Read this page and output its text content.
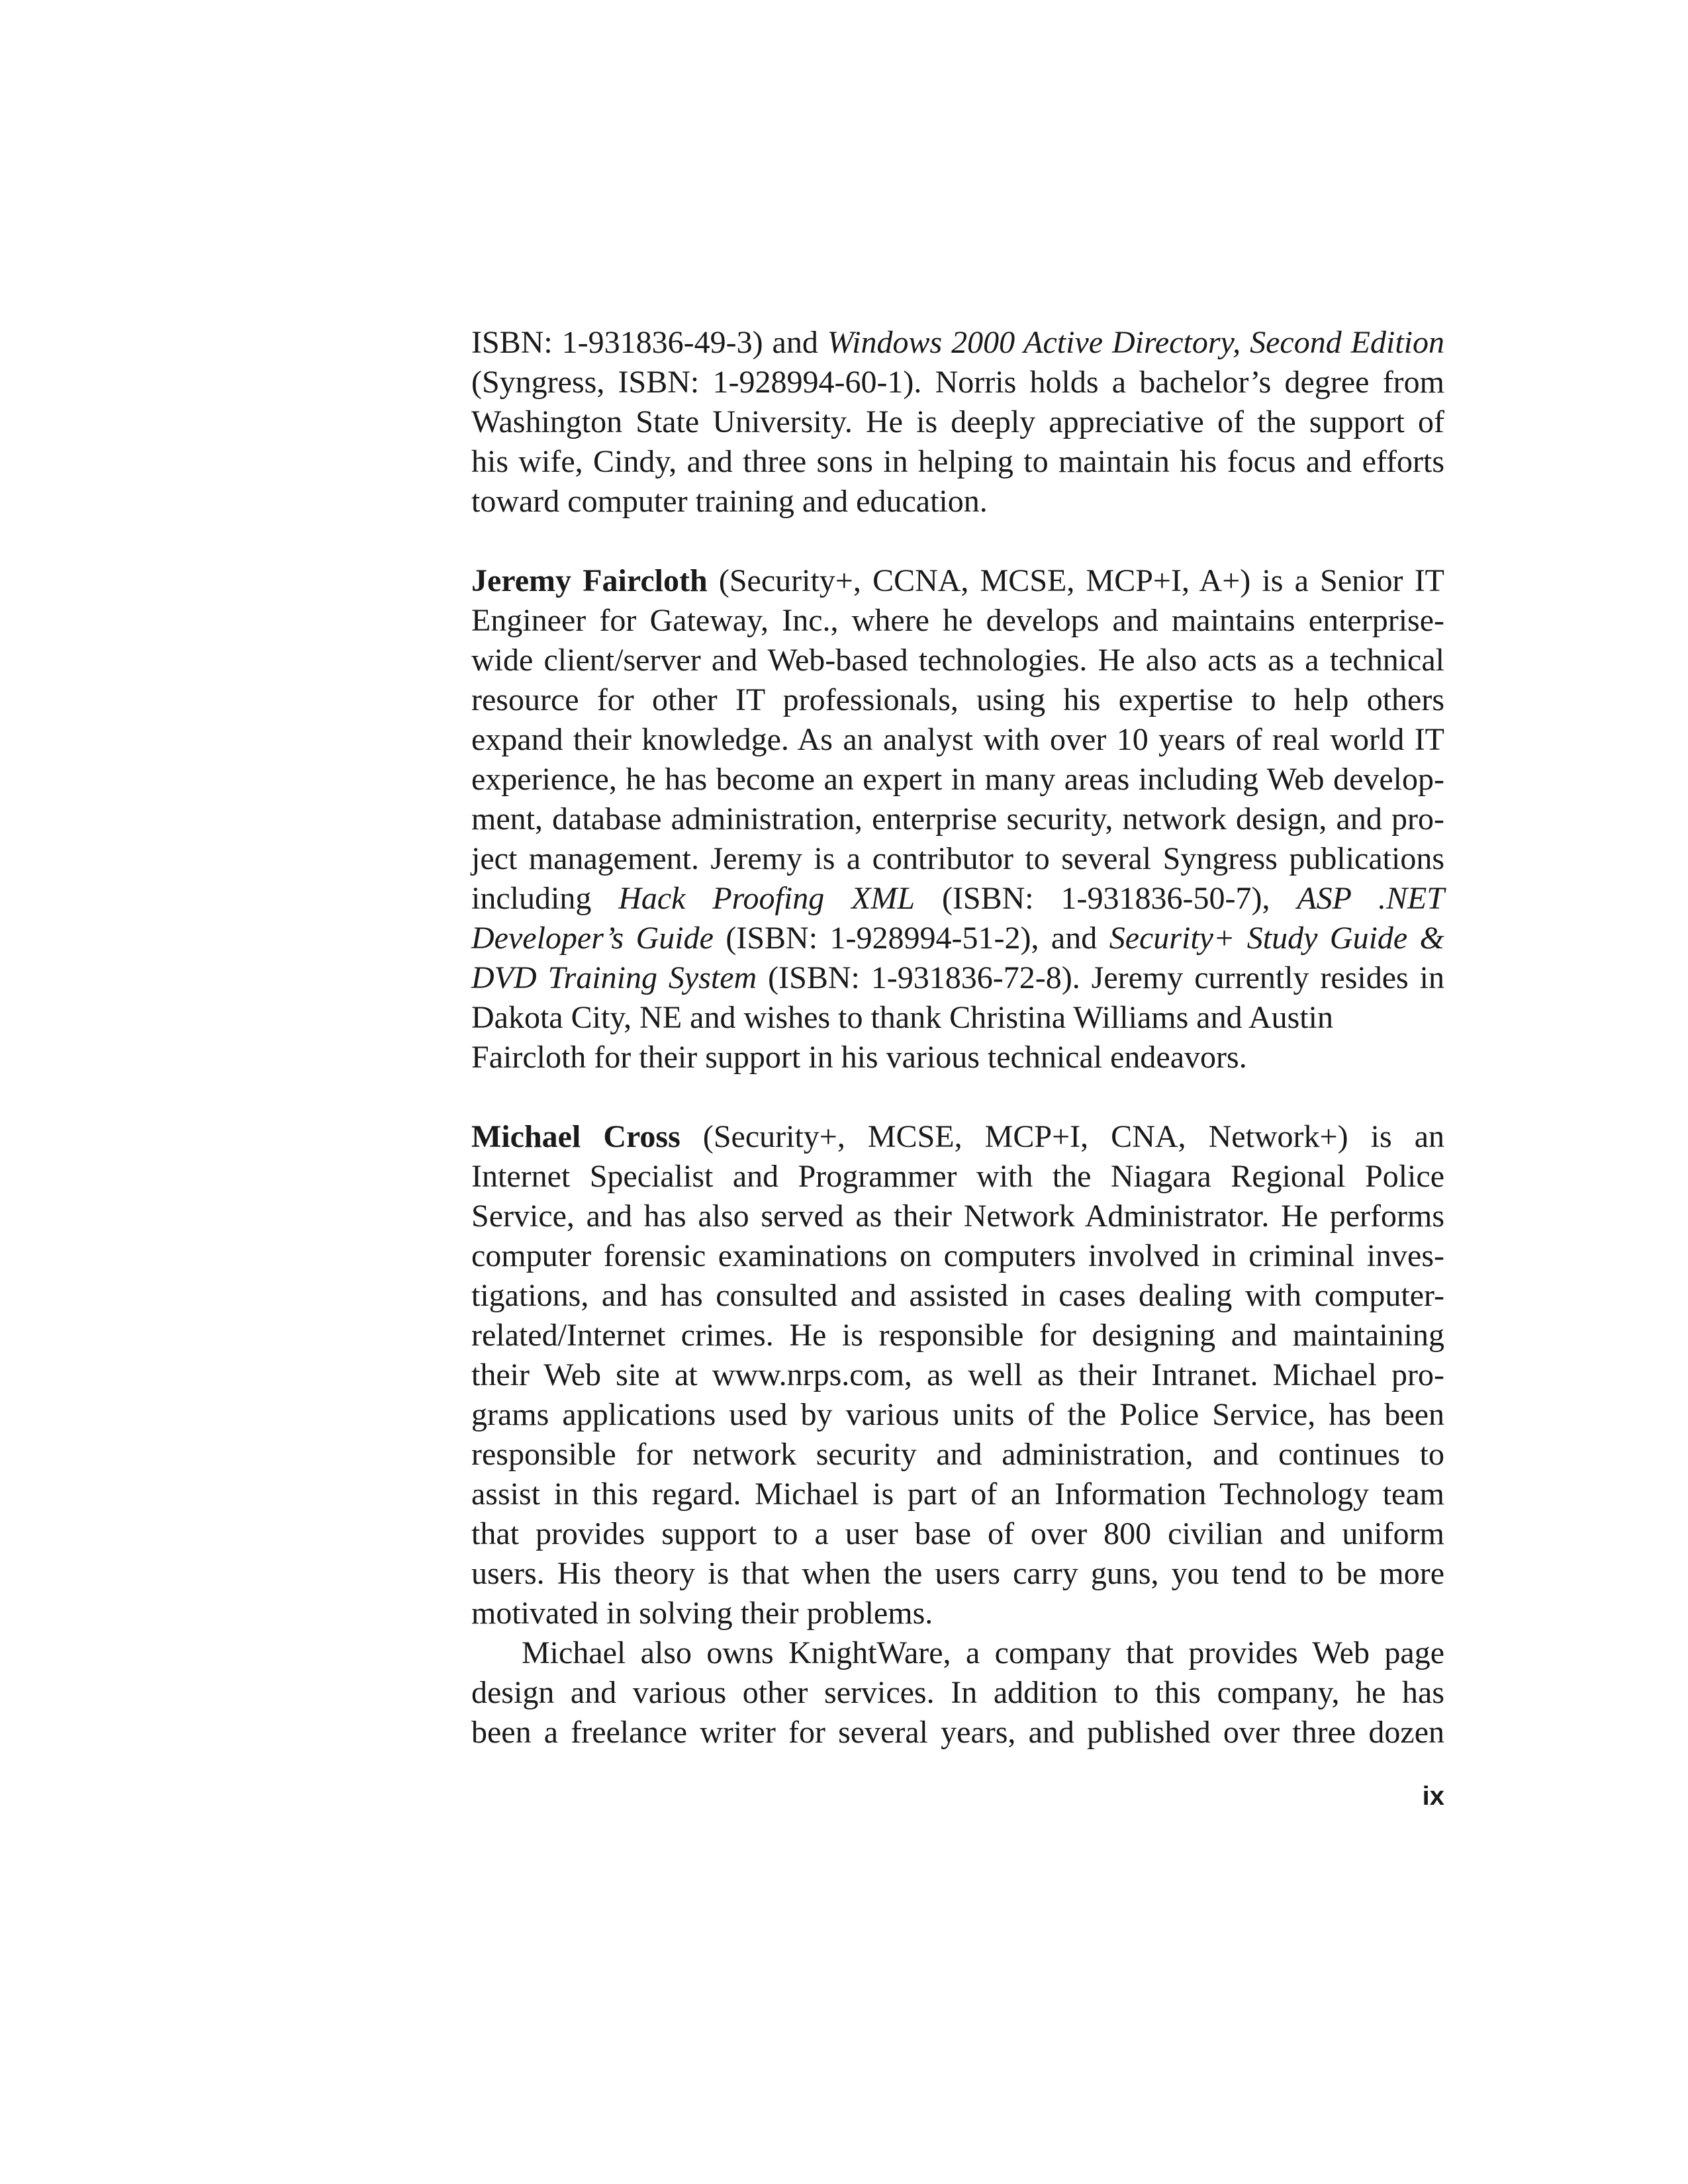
ISBN: 1-931836-49-3) and Windows 2000 Active Directory, Second Edition
(Syngress, ISBN: 1-928994-60-1). Norris holds a bachelor’s degree from
Washington State University. He is deeply appreciative of the support of
his wife, Cindy, and three sons in helping to maintain his focus and efforts
toward computer training and education.
Jeremy Faircloth (Security+, CCNA, MCSE, MCP+I, A+) is a Senior IT
Engineer for Gateway, Inc., where he develops and maintains enterprise-
wide client/server and Web-based technologies. He also acts as a technical
resource for other IT professionals, using his expertise to help others
expand their knowledge. As an analyst with over 10 years of real world IT
experience, he has become an expert in many areas including Web develop-
ment, database administration, enterprise security, network design, and pro-
ject management. Jeremy is a contributor to several Syngress publications
including Hack Proofing XML (ISBN: 1-931836-50-7), ASP .NET
Developer’s Guide (ISBN: 1-928994-51-2), and Security+ Study Guide &
DVD Training System (ISBN: 1-931836-72-8). Jeremy currently resides in
Dakota City, NE and wishes to thank Christina Williams and Austin
Faircloth for their support in his various technical endeavors.
Michael Cross (Security+, MCSE, MCP+I, CNA, Network+) is an
Internet Specialist and Programmer with the Niagara Regional Police
Service, and has also served as their Network Administrator. He performs
computer forensic examinations on computers involved in criminal inves-
tigations, and has consulted and assisted in cases dealing with computer-
related/Internet crimes. He is responsible for designing and maintaining
their Web site at www.nrps.com, as well as their Intranet. Michael pro-
grams applications used by various units of the Police Service, has been
responsible for network security and administration, and continues to
assist in this regard. Michael is part of an Information Technology team
that provides support to a user base of over 800 civilian and uniform
users. His theory is that when the users carry guns, you tend to be more
motivated in solving their problems.
Michael also owns KnightWare, a company that provides Web page
design and various other services. In addition to this company, he has
been a freelance writer for several years, and published over three dozen
ix
